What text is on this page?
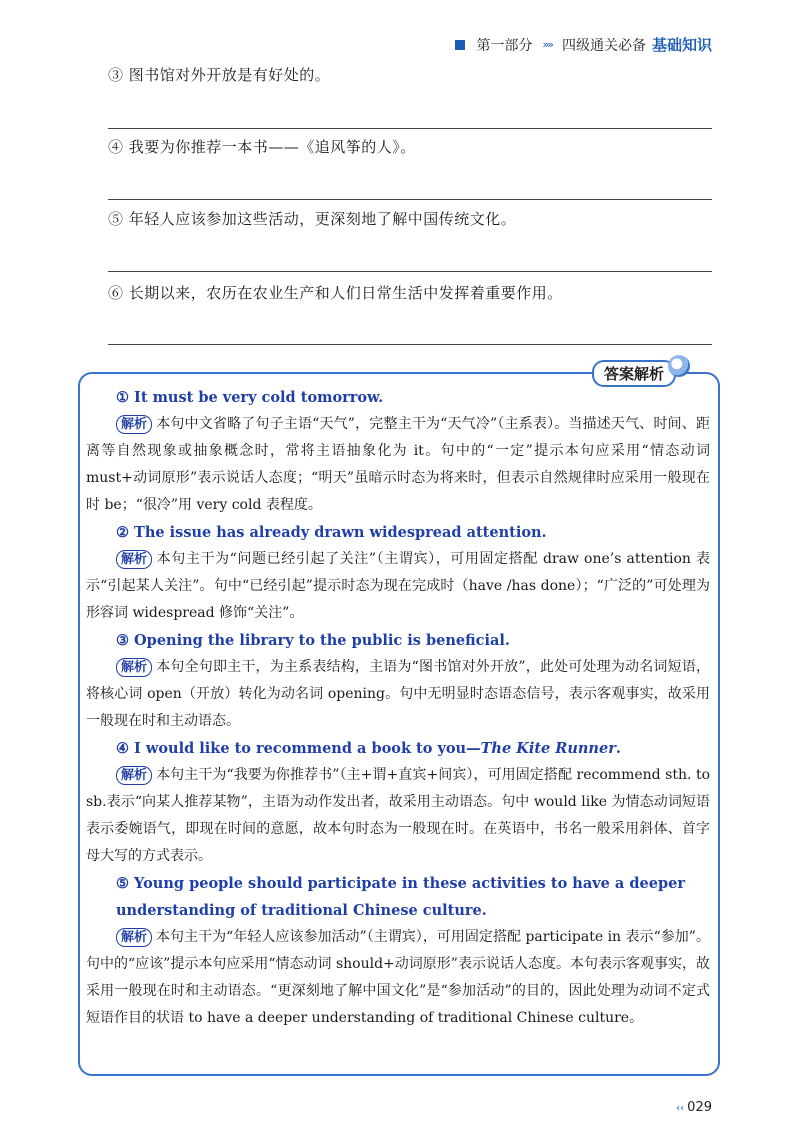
第一部分 »» 四级通关必备 基础知识
③ 图书馆对外开放是有好处的。
④ 我要为你推荐一本书——《追风筝的人》。
⑤ 年轻人应该参加这些活动，更深刻地了解中国传统文化。
⑥ 长期以来，农历在农业生产和人们日常生活中发挥着重要作用。
答案解析

① It must be very cold tomorrow.

解析 本句中文省略了句子主语“天气”，完整主干为“天气冷”（主系表）。当描述天气、时间、距离等自然现象或抽象概念时，常将主语抽象化为 it。句中的“一定”提示本句应采用“情态动词 must+动词原形”表示说话人态度；“明天”虽暗示时态为将来时，但表示自然规律时应采用一般现在时 be；“很冷”用 very cold 表程度。

② The issue has already drawn widespread attention.

解析 本句主干为“问题已经引起了关注”（主谓宾），可用固定搭配 draw one’s attention 表示“引起某人关注”。句中“已经引起”提示时态为现在完成时（have /has done）；“广泛的”可处理为形容词 widespread 修饰“关注”。

③ Opening the library to the public is beneficial.

解析 本句全句即主干，为主系表结构，主语为“图书馆对外开放”，此处可处理为动名词短语，将核心词 open（开放）转化为动名词 opening。句中无明显时态语态信号，表示客观事实，故采用一般现在时和主动语态。

④ I would like to recommend a book to you—The Kite Runner.

解析 本句主干为“我要为你推荐书”（主+谓+直宾+间宾），可用固定搭配 recommend sth. to sb.表示“向某人推荐某物”，主语为动作发出者，故采用主动语态。句中 would like 为情态动词短语表示委婉语气，即现在时间的意愿，故本句时态为一般现在时。在英语中，书名一般采用斜体、首字母大写的方式表示。

⑤ Young people should participate in these activities to have a deeper understanding of traditional Chinese culture.

解析 本句主干为“年轻人应该参加活动”（主谓宾），可用固定搭配 participate in 表示“参加”。句中的“应该”提示本句应采用“情态动词 should+动词原形”表示说话人态度。本句表示客观事实，故采用一般现在时和主动语态。“更深刻地了解中国文化”是“参加活动”的目的，因此处理为动词不定式短语作目的状语 to have a deeper understanding of traditional Chinese culture。

‹‹ 029
